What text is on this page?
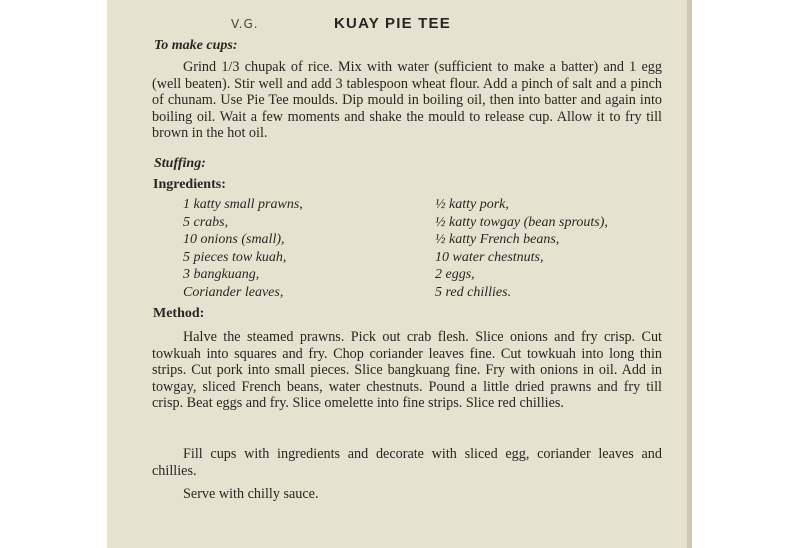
V.G.	KUAY PIE TEE
To make cups:

Grind 1/3 chupak of rice. Mix with water (sufficient to make a batter) and 1 egg (well beaten). Stir well and add 3 tablespoon wheat flour. Add a pinch of salt and a pinch of chunam. Use Pie Tee moulds. Dip mould in boiling oil, then into batter and again into boiling oil. Wait a few moments and shake the mould to release cup. Allow it to fry till brown in the hot oil.

Stuffing:
Ingredients:
1 katty small prawns,
5 crabs,
10 onions (small),
5 pieces tow kuah,
3 bangkuang,
Coriander leaves,
½ katty pork,
½ katty towgay (bean sprouts),
½ katty French beans,
10 water chestnuts,
2 eggs,
5 red chillies.
Method:

Halve the steamed prawns. Pick out crab flesh. Slice onions and fry crisp. Cut towkuah into squares and fry. Chop coriander leaves fine. Cut towkuah into long thin strips. Cut pork into small pieces. Slice bangkuang fine. Fry with onions in oil. Add in towgay, sliced French beans, water chestnuts. Pound a little dried prawns and fry till crisp. Beat eggs and fry. Slice omelette into fine strips. Slice red chillies.

Fill cups with ingredients and decorate with sliced egg, coriander leaves and chillies.

Serve with chilly sauce.
